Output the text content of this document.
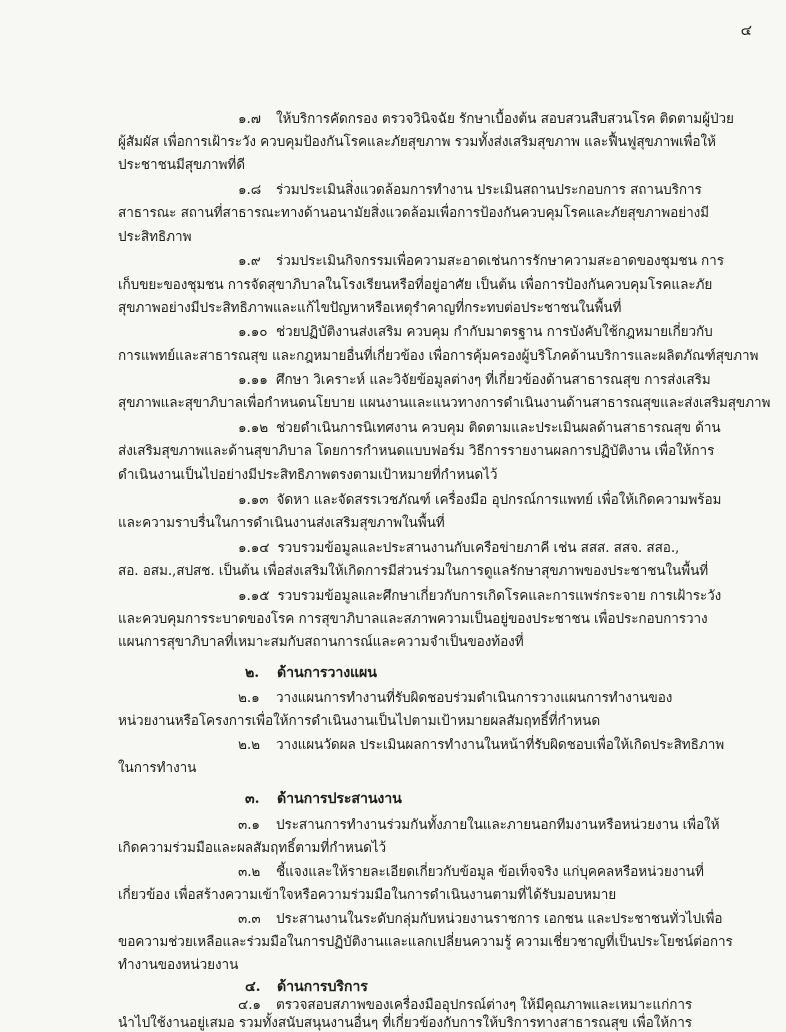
๔
๑.๗ ให้บริการคัดกรอง ตรวจวินิจฉัย รักษาเบื้องต้น สอบสวนสืบสวนโรค ติดตามผู้ป่วย
ผู้สัมผัส เพื่อการเฝ้าระวัง ควบคุมป้องกันโรคและภัยสุขภาพ รวมทั้งส่งเสริมสุขภาพ และฟื้นฟูสุขภาพเพื่อให้
ประชาชนมีสุขภาพที่ดี
๑.๘ ร่วมประเมินสิ่งแวดล้อมการทำงาน ประเมินสถานประกอบการ สถานบริการ
สาธารณะ สถานที่สาธารณะทางด้านอนามัยสิ่งแวดล้อมเพื่อการป้องกันควบคุมโรคและภัยสุขภาพอย่างมี
ประสิทธิภาพ
๑.๙ ร่วมประเมินกิจกรรมเพื่อความสะอาดเช่นการรักษาความสะอาดของชุมชน การ
เก็บขยะของชุมชน การจัดสุขาภิบาลในโรงเรียนหรือที่อยู่อาศัย เป็นต้น เพื่อการป้องกันควบคุมโรคและภัย
สุขภาพอย่างมีประสิทธิภาพและแก้ไขปัญหาหรือเหตุรำคาญที่กระทบต่อประชาชนในพื้นที่
๑.๑๐ ช่วยปฏิบัติงานส่งเสริม ควบคุม กำกับมาตรฐาน การบังคับใช้กฎหมายเกี่ยวกับ
การแพทย์และสาธารณสุข และกฎหมายอื่นที่เกี่ยวข้อง เพื่อการคุ้มครองผู้บริโภคด้านบริการและผลิตภัณฑ์สุขภาพ
๑.๑๑ ศึกษา วิเคราะห์ และวิจัยข้อมูลต่างๆ ที่เกี่ยวข้องด้านสาธารณสุข การส่งเสริม
สุขภาพและสุขาภิบาลเพื่อกำหนดนโยบาย แผนงานและแนวทางการดำเนินงานด้านสาธารณสุขและส่งเสริมสุขภาพ
๑.๑๒ ช่วยดำเนินการนิเทศงาน ควบคุม ติดตามและประเมินผลด้านสาธารณสุข ด้าน
ส่งเสริมสุขภาพและด้านสุขาภิบาล โดยการกำหนดแบบฟอร์ม วิธีการรายงานผลการปฏิบัติงาน เพื่อให้การ
ดำเนินงานเป็นไปอย่างมีประสิทธิภาพตรงตามเป้าหมายที่กำหนดไว้
๑.๑๓ จัดหา และจัดสรรเวชภัณฑ์ เครื่องมือ อุปกรณ์การแพทย์ เพื่อให้เกิดความพร้อม
และความราบรื่นในการดำเนินงานส่งเสริมสุขภาพในพื้นที่
๑.๑๔ รวบรวมข้อมูลและประสานงานกับเครือข่ายภาคี เช่น สสส. สสจ. สสอ.,
สอ. อสม.,สปสช. เป็นต้น เพื่อส่งเสริมให้เกิดการมีส่วนร่วมในการดูแลรักษาสุขภาพของประชาชนในพื้นที่
๑.๑๕ รวบรวมข้อมูลและศึกษาเกี่ยวกับการเกิดโรคและการแพร่กระจาย การเฝ้าระวัง
และควบคุมการระบาดของโรค การสุขาภิบาลและสภาพความเป็นอยู่ของประชาชน เพื่อประกอบการวาง
แผนการสุขาภิบาลที่เหมาะสมกับสถานการณ์และความจำเป็นของท้องที่
๒. ด้านการวางแผน
๒.๑ วางแผนการทำงานที่รับผิดชอบร่วมดำเนินการวางแผนการทำงานของ
หน่วยงานหรือโครงการเพื่อให้การดำเนินงานเป็นไปตามเป้าหมายผลสัมฤทธิ์ที่กำหนด
๒.๒ วางแผนวัดผล ประเมินผลการทำงานในหน้าที่รับผิดชอบเพื่อให้เกิดประสิทธิภาพ
ในการทำงาน
๓. ด้านการประสานงาน
๓.๑ ประสานการทำงานร่วมกันทั้งภายในและภายนอกทีมงานหรือหน่วยงาน เพื่อให้
เกิดความร่วมมือและผลสัมฤทธิ์ตามที่กำหนดไว้
๓.๒ ชี้แจงและให้รายละเอียดเกี่ยวกับข้อมูล ข้อเท็จจริง แก่บุคคลหรือหน่วยงานที่
เกี่ยวข้อง เพื่อสร้างความเข้าใจหรือความร่วมมือในการดำเนินงานตามที่ได้รับมอบหมาย
๓.๓ ประสานงานในระดับกลุ่มกับหน่วยงานราชการ เอกชน และประชาชนทั่วไปเพื่อ
ขอความช่วยเหลือและร่วมมือในการปฏิบัติงานและแลกเปลี่ยนความรู้ ความเชี่ยวชาญที่เป็นประโยชน์ต่อการ
ทำงานของหน่วยงาน
๔. ด้านการบริการ
๔.๑ ตรวจสอบสภาพของเครื่องมืออุปกรณ์ต่างๆ ให้มีคุณภาพและเหมาะแก่การ
นำไปใช้งานอยู่เสมอ รวมทั้งสนับสนุนงานอื่นๆ ที่เกี่ยวข้องกับการให้บริการทางสาธารณสุข เพื่อให้การ
